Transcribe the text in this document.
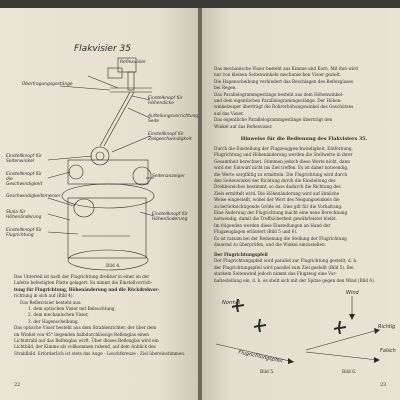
Flakvisier 35
Reflexvisier
Übertragungsgestänge
Einstelknopf für Höhendicke
Aufteilungsvorrichtung Seite
Einstellknopf für Zielgeschwindigkeit
Einstellknopf für Seitenwinkel
Einstellknopf für die Geschwindigkeit
Geschwindigkeitsmesser
Skala für Höhenänderung
Einstellknopf für Flugrichtung
Seitenanzeiger
Einstellknopf für Höhenänderung
Bild 4.

Das Unterteil ist nach der Flugrichtung drehbar in einer an der

Lafette befestigten Platte gelagert. Es nimmt die Einstellvorrich-

tung für Flugrichtung, Höhenänderung und die Rückdrehvor-

richtung in sich auf (Bild 4).

Das Reflexvisier besteht aus:

1. dem optischen Visier mit Beleuchtung,

2. dem mechanischen Visier,

3. der Hagenscheibung.

Das optische Visier besteht aus dem Strahlenrichter, der über dem

im Winkel von 45° liegenden halbdurchlässige Reflexglas einen

Lichtstrahl auf das Reflexglas wirft. Über dieses Reflexglas wird ein

Lichtbild, der Kimme als vollkommen ruhend, auf dem Anblick des

Strahlbild. Erforderlich ist stets das Auge - Leuchtkreuze - Ziel übereinstimmen.

22

Das mechanische Visier besteht aus Kimme und Korn. Mit ihm wird

nur von kleinen Seitenwinkeln mechanischen Visier gezielt.

Die Hagenscheibung verhindert das Beschlagen des Reflexglases

bei Regen.

Das Parallelogrammgestänge besteht aus dem Höhenwinkel-

und dem eigentlichen Parallelogrammgestänge. Der Höhen-

winkelzeiger überträgt die Rohrerhöhungswinkel des Geschützes

auf das Visier.

Das eigentliche Parallelogrammgestänge überträgt den

Winkel auf das Reflexvisier.

Hinweise für die Bedienung des Flakvisiers 35.

Durch die Einstellung der Flugzeuggeschwindigkeit, Entfernung,

Flugrichtung und Höhenänderung werden die Stellwerte in ihrer

Gesamtheit berechnet. Stimmen jedoch diese Werte nicht, dann

wird der Entwurf nicht ins Ziel treffen. Es ist daher notwendig,

die Werte sorgfältig zu ermitteln. Die Flugrichtung wird durch

den Seitenwinkel der Richtung durch die Einstellung des

Drehbereiches bestimmt, so dass dadurch die Richtung des

Ziels ermittelt wird. Die Höhenänderung wird auf ähnliche

Weise eingestellt, wobei der Wert des Neigungswinkels die

zu berücksichtigende Größe ist. Dies gilt für die Vorhaltung.

Eine Änderung der Flugrichtung macht eine neue Berechnung

notwendig, damit die Treffsicherheit gewährleistet bleibt.

Im folgenden werden diese Einstellungen an Hand der

Flugzeuglagen erläutert (Bild 5 und 6).

Es ist ratsam bei der Bedienung die Stellung der Flugrichtung

dauernd zu überprüfen, und die Winkel einzustellen.

Der Flugrichtungspfeil

Der Flugrichtungspfeil wird parallel zur Flugrichtung gestellt, d. h.

der Flugrichtungspfeil wird parallel zum Ziel gestellt (Bild 5). Bei

starkem Seitenwind jedoch nimmt das Flugzeug eine Vor-

haltestellung ein, d. h. es stellt sich mit der Spitze gegen den Wind (Bild 6).

Normal
Wind
Flugrichtungspfeil
Richtig
Falsch
Bild 5.	Bild 6.
23
